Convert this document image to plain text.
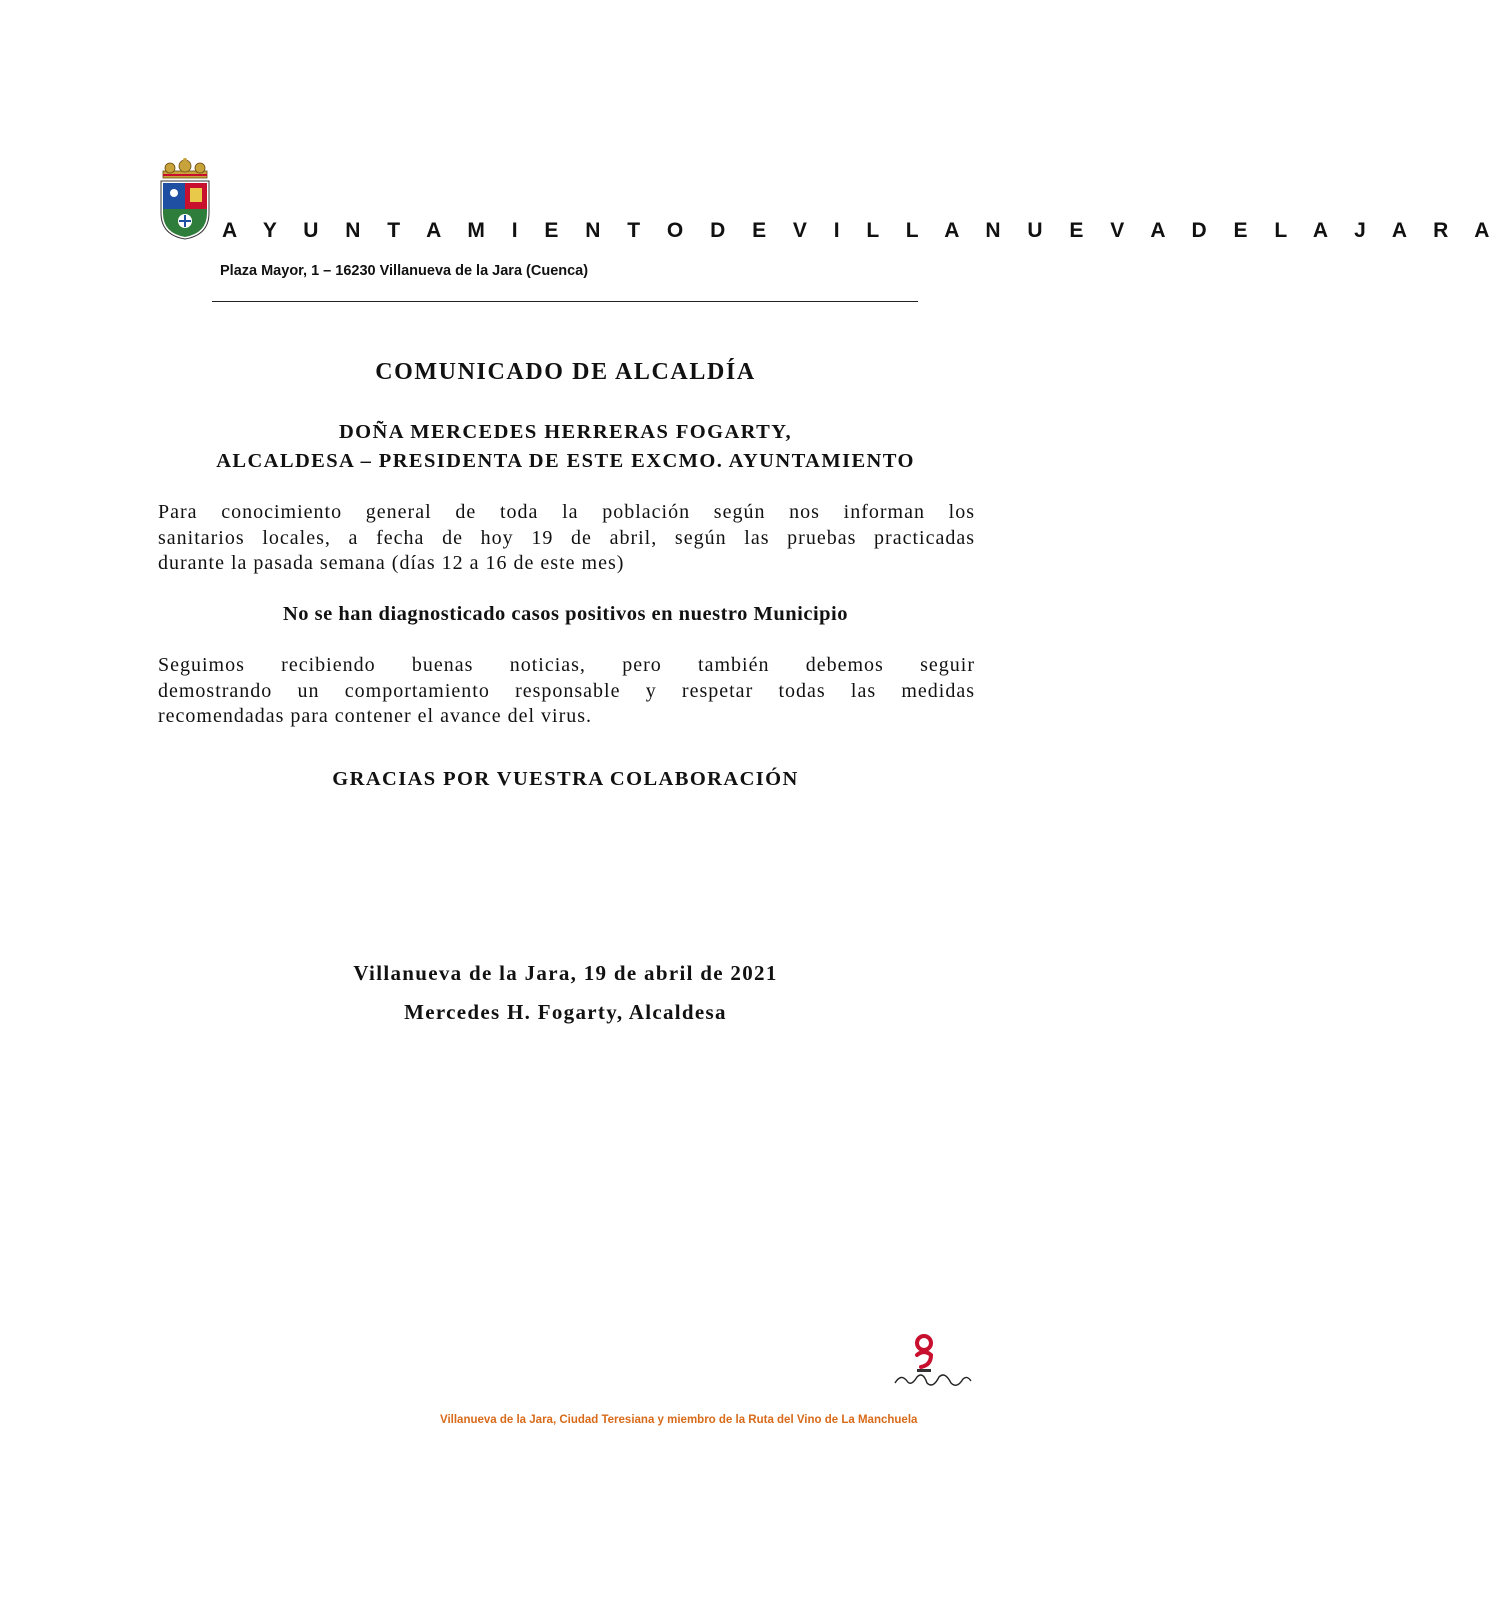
A Y U N T A M I E N T O D E V I L L A N U E V A D E L A J A R A
Plaza Mayor, 1 – 16230 Villanueva de la Jara (Cuenca)
COMUNICADO DE ALCALDÍA
DOÑA MERCEDES HERRERAS FOGARTY,
ALCALDESA – PRESIDENTA DE ESTE EXCMO. AYUNTAMIENTO
Para conocimiento general de toda la población según nos informan los
sanitarios locales, a fecha de hoy 19 de abril, según las pruebas practicadas
durante la pasada semana (días 12 a 16 de este mes)
No se han diagnosticado casos positivos en nuestro Municipio
Seguimos recibiendo buenas noticias, pero también debemos seguir
demostrando un comportamiento responsable y respetar todas las medidas
recomendadas para contener el avance del virus.
GRACIAS POR VUESTRA COLABORACIÓN
Villanueva de la Jara, 19 de abril de 2021
Mercedes H. Fogarty, Alcaldesa
Villanueva de la Jara, Ciudad Teresiana y miembro de la Ruta del Vino de La Manchuela
